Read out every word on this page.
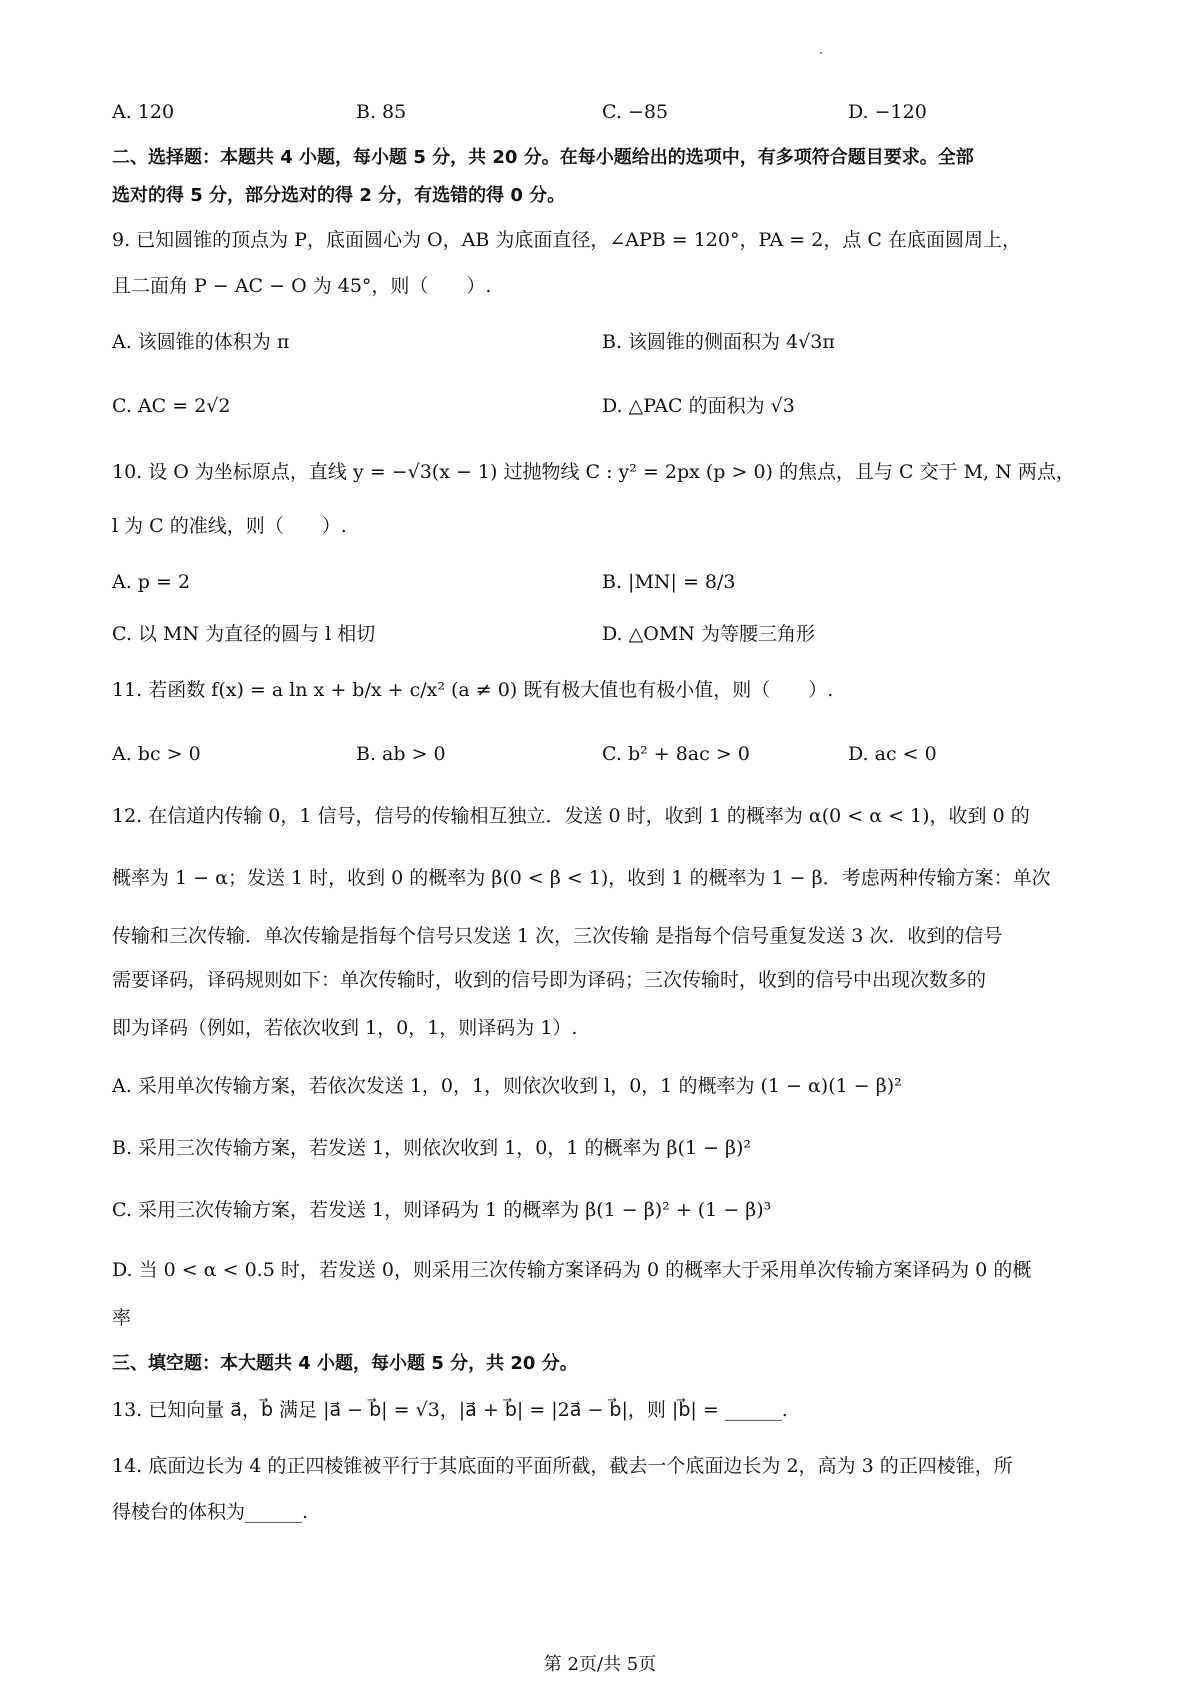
A. 120	B. 85	C. −85	D. −120
二、选择题：本题共 4 小题，每小题 5 分，共 20 分。在每小题给出的选项中，有多项符合题目要求。全部
选对的得 5 分，部分选对的得 2 分，有选错的得 0 分。
9. 已知圆锥的顶点为 P，底面圆心为 O，AB 为底面直径，∠APB = 120°，PA = 2，点 C 在底面圆周上，
且二面角 P − AC − O 为 45°，则（　　）.
A. 该圆锥的体积为 π	B. 该圆锥的侧面积为 4√3π
C. AC = 2√2	D. △PAC 的面积为 √3
10. 设 O 为坐标原点，直线 y = −√3(x − 1) 过抛物线 C : y² = 2px (p > 0) 的焦点，且与 C 交于 M, N 两点，
l 为 C 的准线，则（　　）.
A. p = 2	B. |MN| = 8/3
C. 以 MN 为直径的圆与 l 相切	D. △OMN 为等腰三角形
11. 若函数 f(x) = a ln x + b/x + c/x² (a ≠ 0) 既有极大值也有极小值，则（　　）.
A. bc > 0	B. ab > 0	C. b² + 8ac > 0	D. ac < 0
12. 在信道内传输 0，1 信号，信号的传输相互独立．发送 0 时，收到 1 的概率为 α(0 < α < 1)，收到 0 的
概率为 1 − α；发送 1 时，收到 0 的概率为 β(0 < β < 1)，收到 1 的概率为 1 − β．考虑两种传输方案：单次
传输和三次传输．单次传输是指每个信号只发送 1 次，三次传输 是指每个信号重复发送 3 次．收到的信号
需要译码，译码规则如下：单次传输时，收到的信号即为译码；三次传输时，收到的信号中出现次数多的
即为译码（例如，若依次收到 1，0，1，则译码为 1）.
A. 采用单次传输方案，若依次发送 1，0，1，则依次收到 l，0，1 的概率为 (1 − α)(1 − β)²
B. 采用三次传输方案，若发送 1，则依次收到 1，0，1 的概率为 β(1 − β)²
C. 采用三次传输方案，若发送 1，则译码为 1 的概率为 β(1 − β)² + (1 − β)³
D. 当 0 < α < 0.5 时，若发送 0，则采用三次传输方案译码为 0 的概率大于采用单次传输方案译码为 0 的概
率
三、填空题：本大题共 4 小题，每小题 5 分，共 20 分。
13. 已知向量 a⃗，b⃗ 满足 |a⃗ − b⃗| = √3，|a⃗ + b⃗| = |2a⃗ − b⃗|，则 |b⃗| = ______.
14. 底面边长为 4 的正四棱锥被平行于其底面的平面所截，截去一个底面边长为 2，高为 3 的正四棱锥，所
得棱台的体积为______.
第 2页/共 5页
